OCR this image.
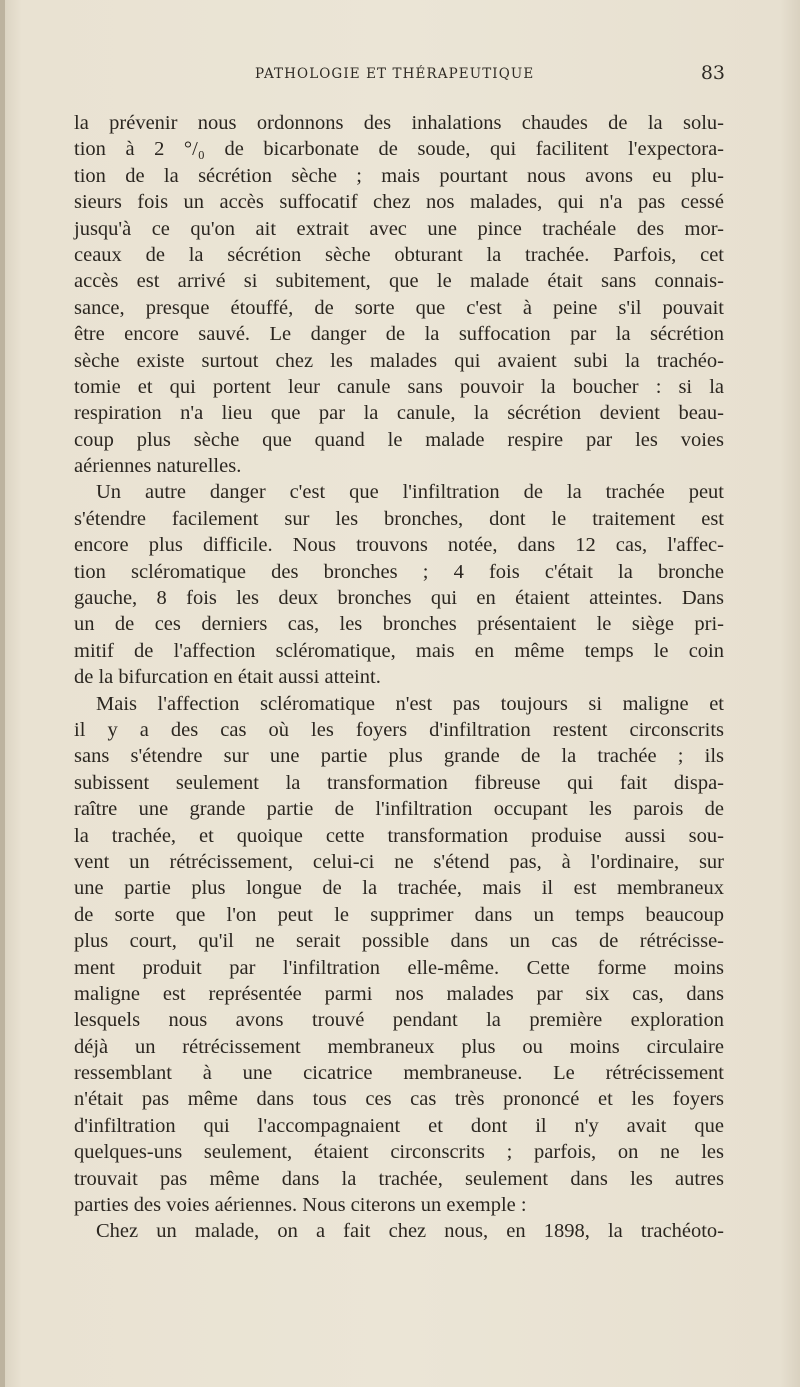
PATHOLOGIE ET THÉRAPEUTIQUE	83
la prévenir nous ordonnons des inhalations chaudes de la solu-
tion à 2 °/₀ de bicarbonate de soude, qui facilitent l'expectora-
tion de la sécrétion sèche ; mais pourtant nous avons eu plu-
sieurs fois un accès suffocatif chez nos malades, qui n'a pas cessé
jusqu'à ce qu'on ait extrait avec une pince trachéale des mor-
ceaux de la sécrétion sèche obturant la trachée. Parfois, cet
accès est arrivé si subitement, que le malade était sans connais-
sance, presque étouffé, de sorte que c'est à peine s'il pouvait
être encore sauvé. Le danger de la suffocation par la sécrétion
sèche existe surtout chez les malades qui avaient subi la trachéo-
tomie et qui portent leur canule sans pouvoir la boucher : si la
respiration n'a lieu que par la canule, la sécrétion devient beau-
coup plus sèche que quand le malade respire par les voies
aériennes naturelles.
Un autre danger c'est que l'infiltration de la trachée peut
s'étendre facilement sur les bronches, dont le traitement est
encore plus difficile. Nous trouvons notée, dans 12 cas, l'affec-
tion scléromatique des bronches ; 4 fois c'était la bronche
gauche, 8 fois les deux bronches qui en étaient atteintes. Dans
un de ces derniers cas, les bronches présentaient le siège pri-
mitif de l'affection scléromatique, mais en même temps le coin
de la bifurcation en était aussi atteint.
Mais l'affection scléromatique n'est pas toujours si maligne et
il y a des cas où les foyers d'infiltration restent circonscrits
sans s'étendre sur une partie plus grande de la trachée ; ils
subissent seulement la transformation fibreuse qui fait dispa-
raître une grande partie de l'infiltration occupant les parois de
la trachée, et quoique cette transformation produise aussi sou-
vent un rétrécissement, celui-ci ne s'étend pas, à l'ordinaire, sur
une partie plus longue de la trachée, mais il est membraneux
de sorte que l'on peut le supprimer dans un temps beaucoup
plus court, qu'il ne serait possible dans un cas de rétrécisse-
ment produit par l'infiltration elle-même. Cette forme moins
maligne est représentée parmi nos malades par six cas, dans
lesquels nous avons trouvé pendant la première exploration
déjà un rétrécissement membraneux plus ou moins circulaire
ressemblant à une cicatrice membraneuse. Le rétrécissement
n'était pas même dans tous ces cas très prononcé et les foyers
d'infiltration qui l'accompagnaient et dont il n'y avait que
quelques-uns seulement, étaient circonscrits ; parfois, on ne les
trouvait pas même dans la trachée, seulement dans les autres
parties des voies aériennes. Nous citerons un exemple :
Chez un malade, on a fait chez nous, en 1898, la trachéoto-
